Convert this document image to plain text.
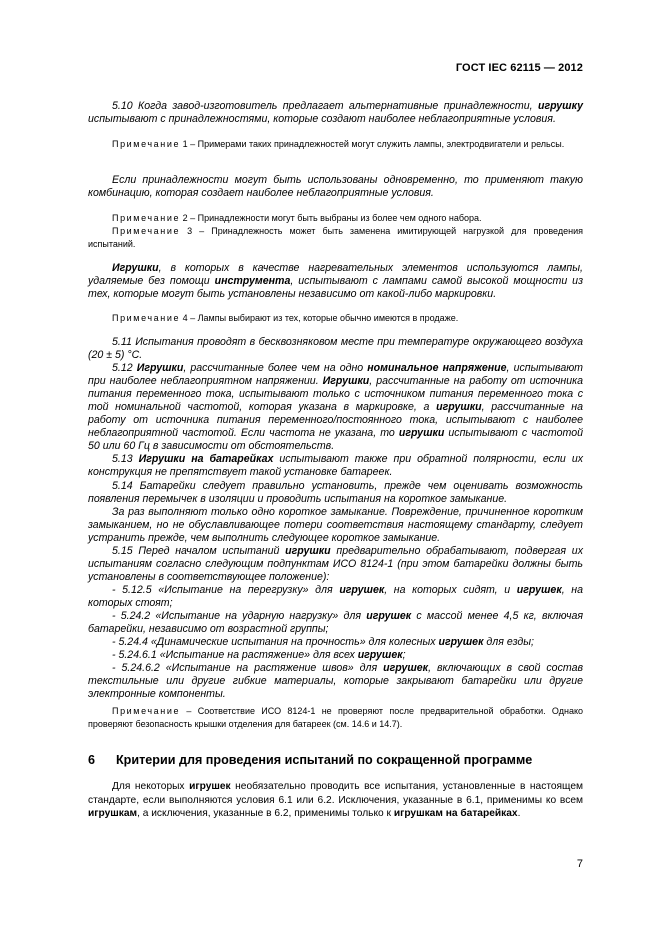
ГОСТ IEC 62115 — 2012
5.10 Когда завод-изготовитель предлагает альтернативные принадлежности, игрушку испытывают с принадлежностями, которые создают наиболее неблагоприятные условия.
Примечание 1 – Примерами таких принадлежностей могут служить лампы, электродвигатели и рельсы.
Если принадлежности могут быть использованы одновременно, то применяют такую комбинацию, которая создает наиболее неблагоприятные условия.
Примечание 2 – Принадлежности могут быть выбраны из более чем одного набора.
Примечание 3 – Принадлежность может быть заменена имитирующей нагрузкой для проведения испытаний.
Игрушки, в которых в качестве нагревательных элементов используются лампы, удаляемые без помощи инструмента, испытывают с лампами самой высокой мощности из тех, которые могут быть установлены независимо от какой-либо маркировки.
Примечание 4 – Лампы выбирают из тех, которые обычно имеются в продаже.

5.11 Испытания проводят в бесквозняковом месте при температуре окружающего воздуха (20 ± 5) °С.

5.12 Игрушки, рассчитанные более чем на одно номинальное напряжение, испытывают при наиболее неблагоприятном напряжении. Игрушки, рассчитанные на работу от источника питания переменного тока, испытывают только с источником питания переменного тока с той номинальной частотой, которая указана в маркировке, а игрушки, рассчитанные на работу от источника питания переменного/постоянного тока, испытывают с наиболее неблагоприятной частотой. Если частота не указана, то игрушки испытывают с частотой 50 или 60 Гц в зависимости от обстоятельств.

5.13 Игрушки на батарейках испытывают также при обратной полярности, если их конструкция не препятствует такой установке батареек.

5.14 Батарейки следует правильно установить, прежде чем оценивать возможность появления перемычек в изоляции и проводить испытания на короткое замыкание.

За раз выполняют только одно короткое замыкание. Повреждение, причиненное коротким замыканием, но не обуславливающее потери соответствия настоящему стандарту, следует устранить прежде, чем выполнить следующее короткое замыкание.

5.15 Перед началом испытаний игрушки предварительно обрабатывают, подвергая их испытаниям согласно следующим подпунктам ИСО 8124-1 (при этом батарейки должны быть установлены в соответствующее положение):

- 5.12.5 «Испытание на перегрузку» для игрушек, на которых сидят, и игрушек, на которых стоят;

- 5.24.2 «Испытание на ударную нагрузку» для игрушек с массой менее 4,5 кг, включая батарейки, независимо от возрастной группы;

- 5.24.4 «Динамические испытания на прочность» для колесных игрушек для езды;

- 5.24.6.1 «Испытание на растяжение» для всех игрушек;

- 5.24.6.2 «Испытание на растяжение швов» для игрушек, включающих в свой состав текстильные или другие гибкие материалы, которые закрывают батарейки или другие электронные компоненты.

Примечание – Соответствие ИСО 8124-1 не проверяют после предварительной обработки. Однако проверяют безопасность крышки отделения для батареек (см. 14.6 и 14.7).
6 Критерии для проведения испытаний по сокращенной программе
Для некоторых игрушек необязательно проводить все испытания, установленные в настоящем стандарте, если выполняются условия 6.1 или 6.2. Исключения, указанные в 6.1, применимы ко всем игрушкам, а исключения, указанные в 6.2, применимы только к игрушкам на батарейках.
7
